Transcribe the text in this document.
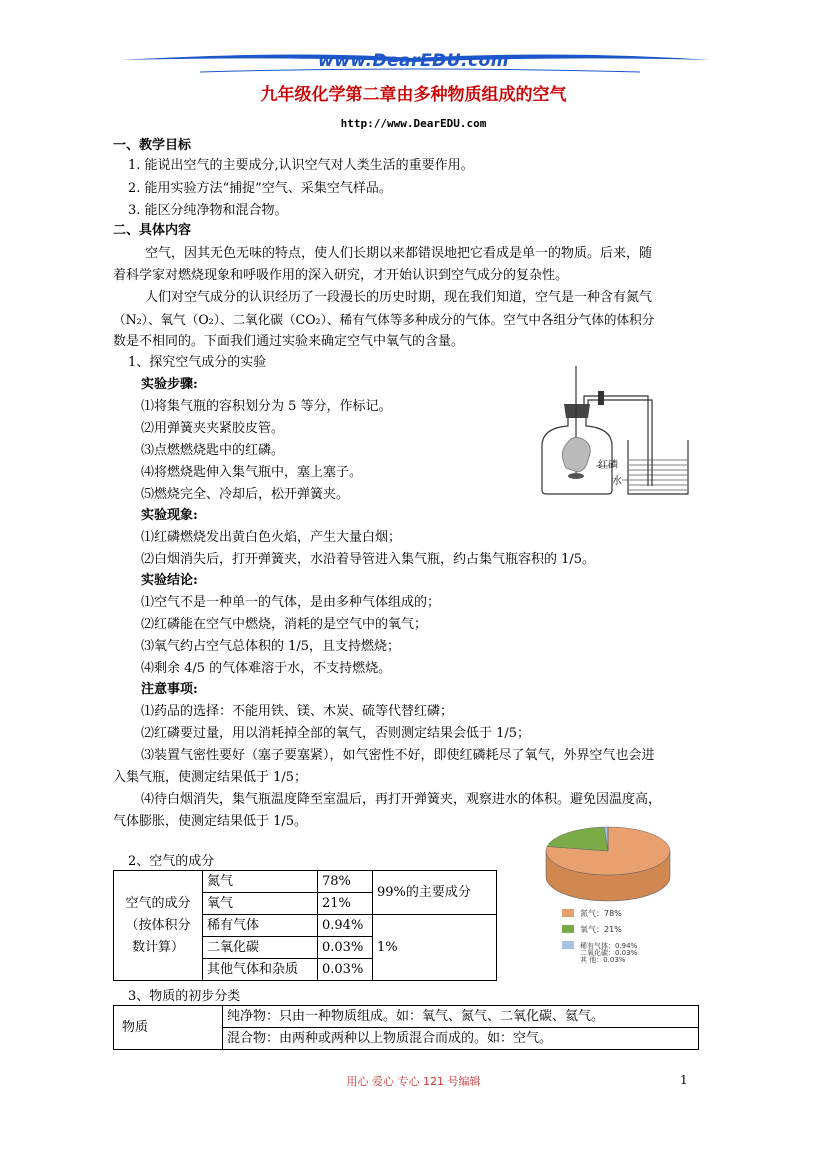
www.DearEDU.com
九年级化学第二章由多种物质组成的空气
http://www.DearEDU.com
一、教学目标
1. 能说出空气的主要成分,认识空气对人类生活的重要作用。
2. 能用实验方法“捕捉”空气、采集空气样品。
3. 能区分纯净物和混合物。
二、具体内容
空气，因其无色无味的特点，使人们长期以来都错误地把它看成是单一的物质。后来，随
着科学家对燃烧现象和呼吸作用的深入研究，才开始认识到空气成分的复杂性。
人们对空气成分的认识经历了一段漫长的历史时期，现在我们知道，空气是一种含有氮气
（N₂）、氧气（O₂）、二氧化碳（CO₂）、稀有气体等多种成分的气体。空气中各组分气体的体积分
数是不相同的。下面我们通过实验来确定空气中氧气的含量。
1、探究空气成分的实验
实验步骤:
⑴将集气瓶的容积划分为 5 等分，作标记。
⑵用弹簧夹夹紧胶皮管。
⑶点燃燃烧匙中的红磷。
⑷将燃烧匙伸入集气瓶中，塞上塞子。
⑸燃烧完全、冷却后，松开弹簧夹。
红磷
水
实验现象:
⑴红磷燃烧发出黄白色火焰，产生大量白烟；
⑵白烟消失后，打开弹簧夹，水沿着导管进入集气瓶，约占集气瓶容积的 1/5。
实验结论:
⑴空气不是一种单一的气体，是由多种气体组成的；
⑵红磷能在空气中燃烧，消耗的是空气中的氧气；
⑶氧气约占空气总体积的 1/5，且支持燃烧；
⑷剩余 4/5 的气体难溶于水，不支持燃烧。
注意事项:
⑴药品的选择：不能用铁、镁、木炭、硫等代替红磷；
⑵红磷要过量，用以消耗掉全部的氧气，否则测定结果会低于 1/5；
⑶装置气密性要好（塞子要塞紧），如气密性不好，即使红磷耗尽了氧气，外界空气也会进
入集气瓶，使测定结果低于 1/5；
⑷待白烟消失，集气瓶温度降至室温后，再打开弹簧夹，观察进水的体积。避免因温度高，
气体膨胀，使测定结果低于 1/5。
2、空气的成分
空气的成分
（按体积分
数计算）	氮气	78%	99%的主要成分
	氧气	21%	
	稀有气体	0.94%	1%
	二氧化碳	0.03%	
	其他气体和杂质	0.03%	
氮气：78%
氧气：21%
稀有气体：0.94%
二氧化碳：0.03%
其 他：0.03%
3、物质的初步分类
物质	纯净物：只由一种物质组成。如：氧气、氮气、二氧化碳、氦气。
混合物：由两种或两种以上物质混合而成的。如：空气。
用心 爱心 专心 121 号编辑	1
